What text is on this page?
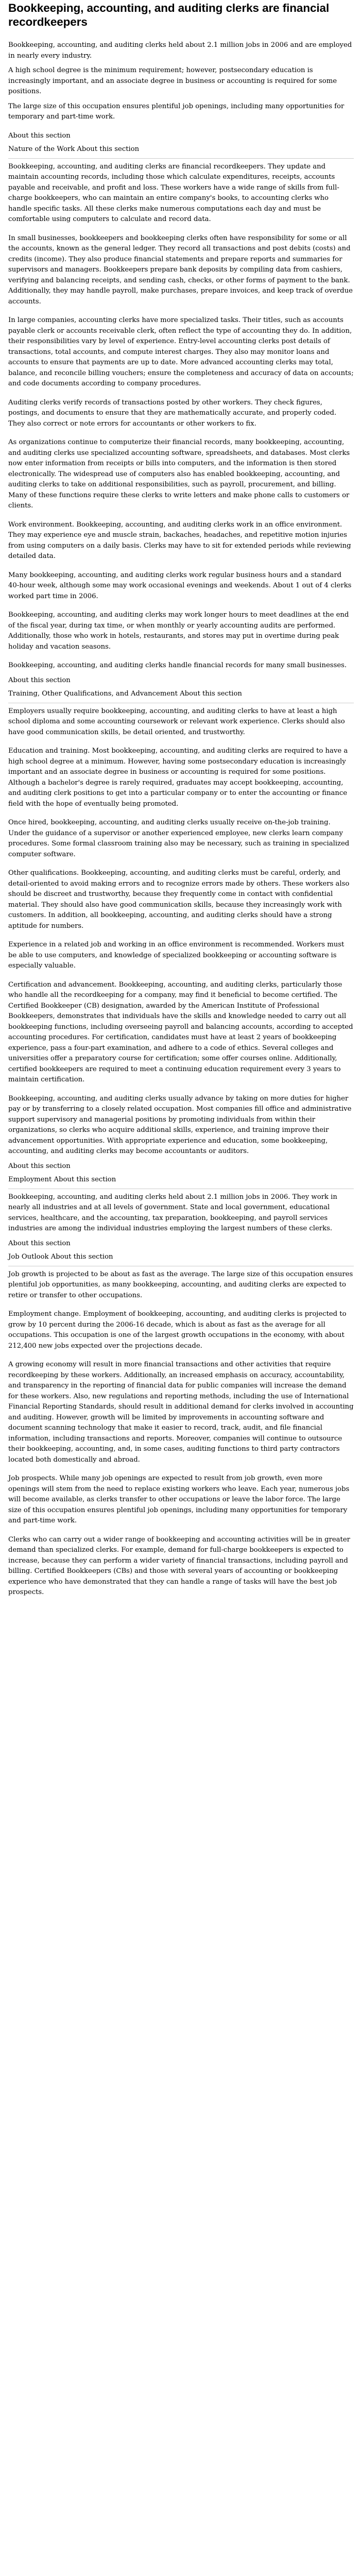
Bookkeeping, accounting, and auditing clerks are financial recordkeepers

Bookkeeping, accounting, and auditing clerks held about 2.1 million jobs in 2006 and are employed in nearly every industry.

A high school degree is the minimum requirement; however, postsecondary education is increasingly important, and an associate degree in business or accounting is required for some positions.

The large size of this occupation ensures plentiful job openings, including many opportunities for temporary and part-time work.

About this section
Nature of the Work About this section

Bookkeeping, accounting, and auditing clerks are financial recordkeepers. They update and maintain accounting records, including those which calculate expenditures, receipts, accounts payable and receivable, and profit and loss. These workers have a wide range of skills from full-charge bookkeepers, who can maintain an entire company's books, to accounting clerks who handle specific tasks. All these clerks make numerous computations each day and must be comfortable using computers to calculate and record data.

In small businesses, bookkeepers and bookkeeping clerks often have responsibility for some or all the accounts, known as the general ledger. They record all transactions and post debits (costs) and credits (income). They also produce financial statements and prepare reports and summaries for supervisors and managers. Bookkeepers prepare bank deposits by compiling data from cashiers, verifying and balancing receipts, and sending cash, checks, or other forms of payment to the bank. Additionally, they may handle payroll, make purchases, prepare invoices, and keep track of overdue accounts.

In large companies, accounting clerks have more specialized tasks. Their titles, such as accounts payable clerk or accounts receivable clerk, often reflect the type of accounting they do. In addition, their responsibilities vary by level of experience. Entry-level accounting clerks post details of transactions, total accounts, and compute interest charges. They also may monitor loans and accounts to ensure that payments are up to date. More advanced accounting clerks may total, balance, and reconcile billing vouchers; ensure the completeness and accuracy of data on accounts; and code documents according to company procedures.

Auditing clerks verify records of transactions posted by other workers. They check figures, postings, and documents to ensure that they are mathematically accurate, and properly coded. They also correct or note errors for accountants or other workers to fix.

As organizations continue to computerize their financial records, many bookkeeping, accounting, and auditing clerks use specialized accounting software, spreadsheets, and databases. Most clerks now enter information from receipts or bills into computers, and the information is then stored electronically. The widespread use of computers also has enabled bookkeeping, accounting, and auditing clerks to take on additional responsibilities, such as payroll, procurement, and billing. Many of these functions require these clerks to write letters and make phone calls to customers or clients.

Work environment. Bookkeeping, accounting, and auditing clerks work in an office environment. They may experience eye and muscle strain, backaches, headaches, and repetitive motion injuries from using computers on a daily basis. Clerks may have to sit for extended periods while reviewing detailed data.

Many bookkeeping, accounting, and auditing clerks work regular business hours and a standard 40-hour week, although some may work occasional evenings and weekends. About 1 out of 4 clerks worked part time in 2006.

Bookkeeping, accounting, and auditing clerks may work longer hours to meet deadlines at the end of the fiscal year, during tax time, or when monthly or yearly accounting audits are performed. Additionally, those who work in hotels, restaurants, and stores may put in overtime during peak holiday and vacation seasons.

Bookkeeping, accounting, and auditing clerks handle financial records for many small businesses.

About this section
Training, Other Qualifications, and Advancement About this section

Employers usually require bookkeeping, accounting, and auditing clerks to have at least a high school diploma and some accounting coursework or relevant work experience. Clerks should also have good communication skills, be detail oriented, and trustworthy.

Education and training. Most bookkeeping, accounting, and auditing clerks are required to have a high school degree at a minimum. However, having some postsecondary education is increasingly important and an associate degree in business or accounting is required for some positions. Although a bachelor's degree is rarely required, graduates may accept bookkeeping, accounting, and auditing clerk positions to get into a particular company or to enter the accounting or finance field with the hope of eventually being promoted.

Once hired, bookkeeping, accounting, and auditing clerks usually receive on-the-job training. Under the guidance of a supervisor or another experienced employee, new clerks learn company procedures. Some formal classroom training also may be necessary, such as training in specialized computer software.

Other qualifications. Bookkeeping, accounting, and auditing clerks must be careful, orderly, and detail-oriented to avoid making errors and to recognize errors made by others. These workers also should be discreet and trustworthy, because they frequently come in contact with confidential material. They should also have good communication skills, because they increasingly work with customers. In addition, all bookkeeping, accounting, and auditing clerks should have a strong aptitude for numbers.

Experience in a related job and working in an office environment is recommended. Workers must be able to use computers, and knowledge of specialized bookkeeping or accounting software is especially valuable.

Certification and advancement. Bookkeeping, accounting, and auditing clerks, particularly those who handle all the recordkeeping for a company, may find it beneficial to become certified. The Certified Bookkeeper (CB) designation, awarded by the American Institute of Professional Bookkeepers, demonstrates that individuals have the skills and knowledge needed to carry out all bookkeeping functions, including overseeing payroll and balancing accounts, according to accepted accounting procedures. For certification, candidates must have at least 2 years of bookkeeping experience, pass a four-part examination, and adhere to a code of ethics. Several colleges and universities offer a preparatory course for certification; some offer courses online. Additionally, certified bookkeepers are required to meet a continuing education requirement every 3 years to maintain certification.

Bookkeeping, accounting, and auditing clerks usually advance by taking on more duties for higher pay or by transferring to a closely related occupation. Most companies fill office and administrative support supervisory and managerial positions by promoting individuals from within their organizations, so clerks who acquire additional skills, experience, and training improve their advancement opportunities. With appropriate experience and education, some bookkeeping, accounting, and auditing clerks may become accountants or auditors.

About this section
Employment About this section

Bookkeeping, accounting, and auditing clerks held about 2.1 million jobs in 2006. They work in nearly all industries and at all levels of government. State and local government, educational services, healthcare, and the accounting, tax preparation, bookkeeping, and payroll services industries are among the individual industries employing the largest numbers of these clerks.

About this section
Job Outlook About this section

Job growth is projected to be about as fast as the average. The large size of this occupation ensures plentiful job opportunities, as many bookkeeping, accounting, and auditing clerks are expected to retire or transfer to other occupations.

Employment change. Employment of bookkeeping, accounting, and auditing clerks is projected to grow by 10 percent during the 2006-16 decade, which is about as fast as the average for all occupations. This occupation is one of the largest growth occupations in the economy, with about 212,400 new jobs expected over the projections decade.

A growing economy will result in more financial transactions and other activities that require recordkeeping by these workers. Additionally, an increased emphasis on accuracy, accountability, and transparency in the reporting of financial data for public companies will increase the demand for these workers. Also, new regulations and reporting methods, including the use of International Financial Reporting Standards, should result in additional demand for clerks involved in accounting and auditing. However, growth will be limited by improvements in accounting software and document scanning technology that make it easier to record, track, audit, and file financial information, including transactions and reports. Moreover, companies will continue to outsource their bookkeeping, accounting, and, in some cases, auditing functions to third party contractors located both domestically and abroad.

Job prospects. While many job openings are expected to result from job growth, even more openings will stem from the need to replace existing workers who leave. Each year, numerous jobs will become available, as clerks transfer to other occupations or leave the labor force. The large size of this occupation ensures plentiful job openings, including many opportunities for temporary and part-time work.

Clerks who can carry out a wider range of bookkeeping and accounting activities will be in greater demand than specialized clerks. For example, demand for full-charge bookkeepers is expected to increase, because they can perform a wider variety of financial transactions, including payroll and billing. Certified Bookkeepers (CBs) and those with several years of accounting or bookkeeping experience who have demonstrated that they can handle a range of tasks will have the best job prospects.
